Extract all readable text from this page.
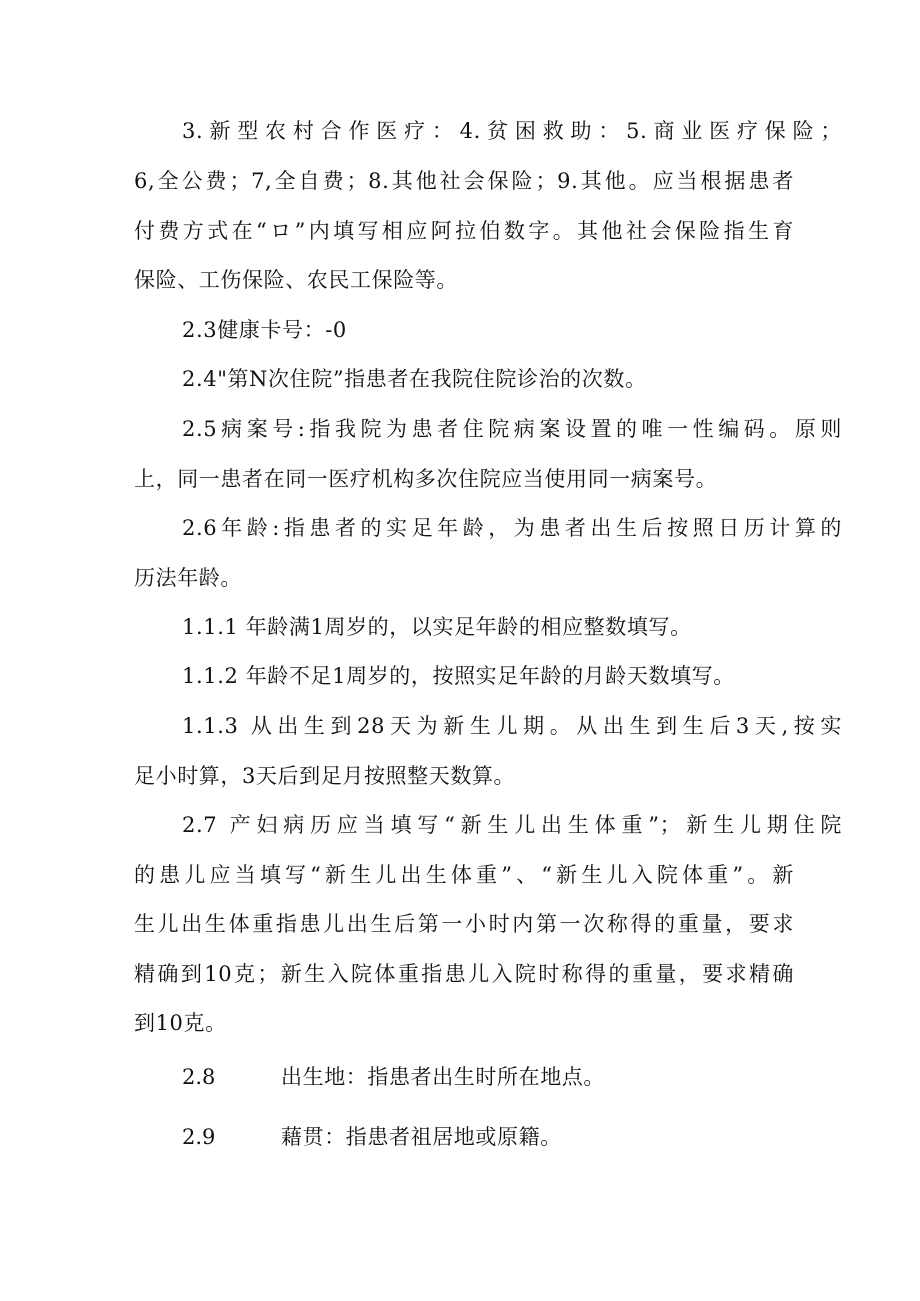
3.新型农村合作医疗：4.贫困救助：5.商业医疗保险；
6,全公费；7,全自费；8.其他社会保险；9.其他。应当根据患者
付费方式在“ロ”内填写相应阿拉伯数字。其他社会保险指生育
保险、工伤保险、农民工保险等。
2.3健康卡号：-0
2.4"第N次住院”指患者在我院住院诊治的次数。
2.5病案号:指我院为患者住院病案设置的唯一性编码。原则
上，同一患者在同一医疗机构多次住院应当使用同一病案号。
2.6年龄:指患者的实足年龄，为患者出生后按照日历计算的
历法年龄。
1.1.1 年龄满1周岁的，以实足年龄的相应整数填写。
1.1.2 年龄不足1周岁的，按照实足年龄的月龄天数填写。
1.1.3 从出生到28天为新生儿期。从出生到生后3天,按实
足小时算，3天后到足月按照整天数算。
2.7 产妇病历应当填写“新生儿出生体重”；新生儿期住院
的患儿应当填写“新生儿出生体重”、“新生儿入院体重”。新
生儿出生体重指患儿出生后第一小时内第一次称得的重量，要求
精确到10克；新生入院体重指患儿入院时称得的重量，要求精确
到10克。
2.8	出生地：指患者出生时所在地点。
2.9	藉贯：指患者祖居地或原籍。
